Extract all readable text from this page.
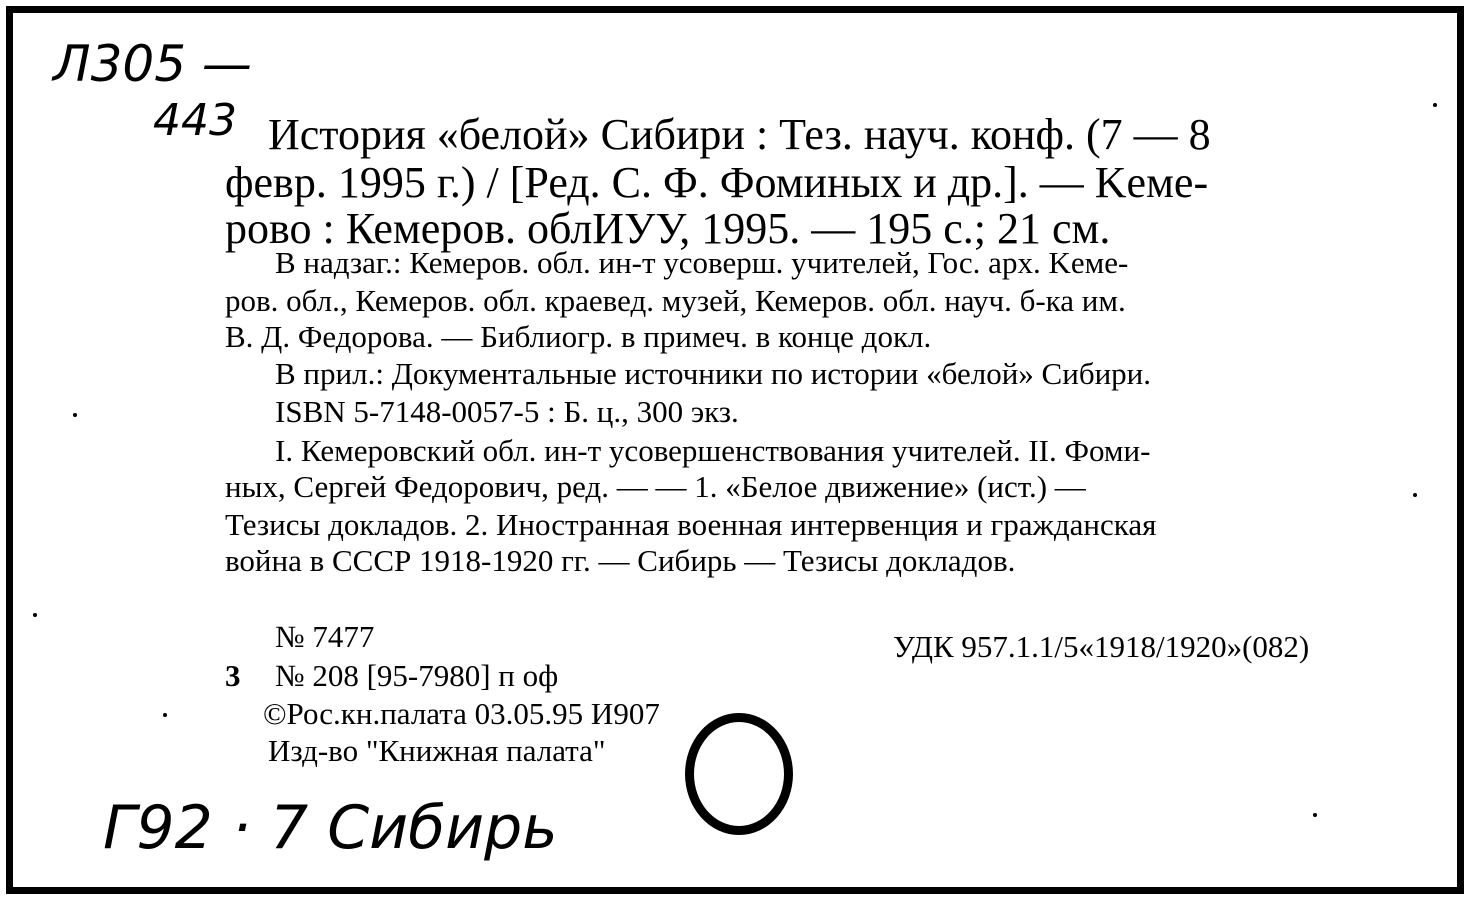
Л305 —
443 История «белой» Сибири : Тез. науч. конф. (7 — 8
февр. 1995 г.) / [Ред. С. Ф. Фоминых и др.]. — Keме-
рово : Кемеров. облИУУ, 1995. — 195 с.; 21 см.
В надзаг.: Кемеров. обл. ин-т усоверш. учителей, Гос. арх. Keме-
ров. обл., Кемеров. обл. краевед. музей, Кемеров. обл. науч. б-ка им.
В. Д. Федорова. — Библиогр. в примеч. в конце докл.
В прил.: Документальные источники по истории «белой» Сибири.
ISBN 5-7148-0057-5 : Б. ц., 300 экз.
I. Кемеровский обл. ин-т усовершенствования учителей. II. Фоми-
ных, Сергей Федорович, ред. — — 1. «Белое движение» (ист.) —
Тезисы докладов. 2. Иностранная военная интервенция и гражданская
война в СССР 1918-1920 гг. — Сибирь — Тезисы докладов.
№ 7477	УДК 957.1.1/5«1918/1920»(082)
3 № 208 [95-7980] п оф
©Рос.кн.палата 03.05.95 И907
Изд-во "Книжная палата"
Г92 · 7 Сибирь
